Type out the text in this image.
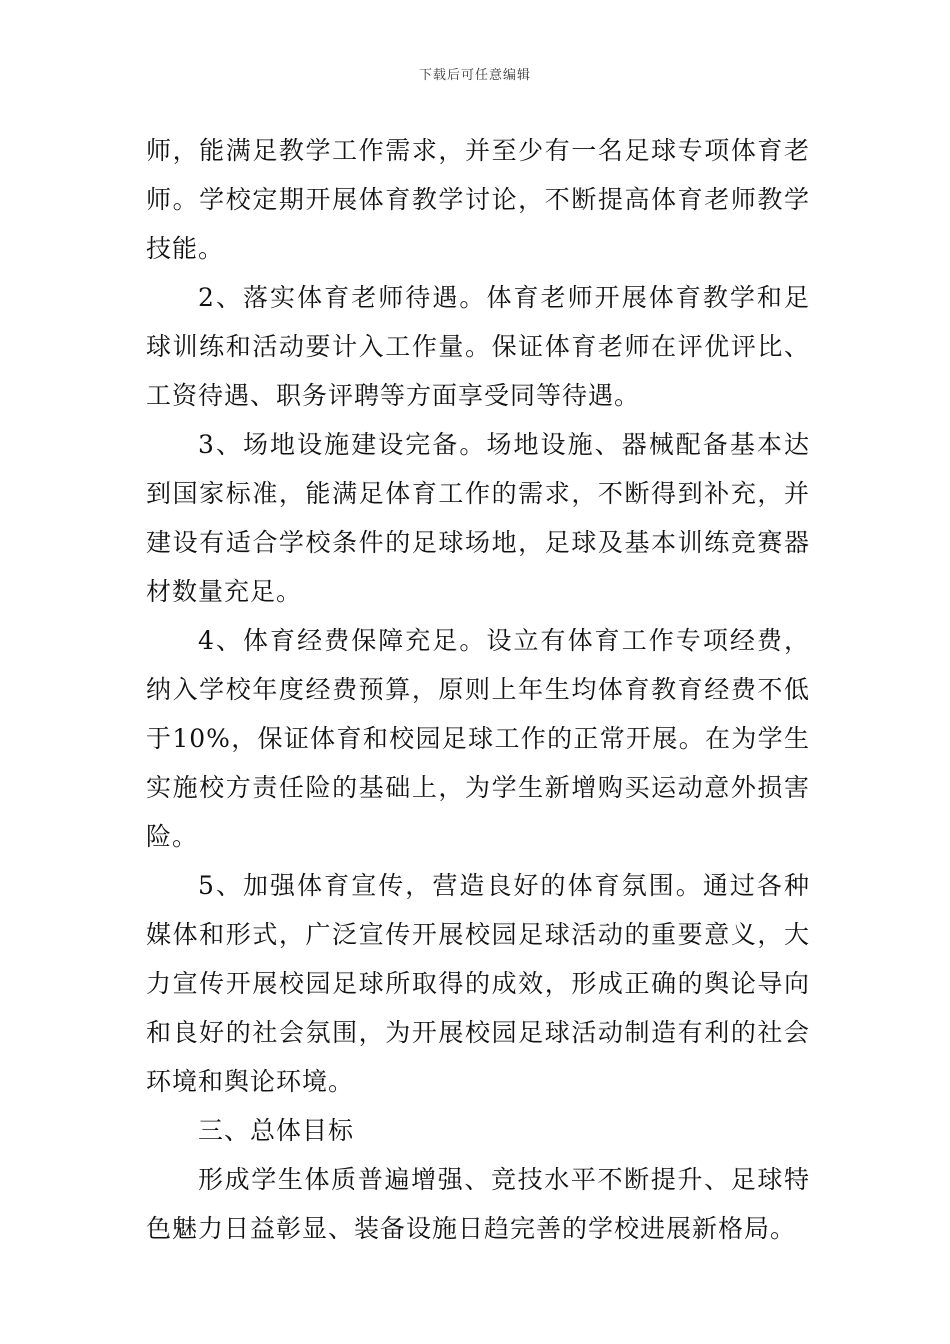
下载后可任意编辑

师，能满足教学工作需求，并至少有一名足球专项体育老师。学校定期开展体育教学讨论，不断提高体育老师教学技能。

2、落实体育老师待遇。体育老师开展体育教学和足球训练和活动要计入工作量。保证体育老师在评优评比、工资待遇、职务评聘等方面享受同等待遇。

3、场地设施建设完备。场地设施、器械配备基本达到国家标准，能满足体育工作的需求，不断得到补充，并建设有适合学校条件的足球场地，足球及基本训练竞赛器材数量充足。

4、体育经费保障充足。设立有体育工作专项经费，纳入学校年度经费预算，原则上年生均体育教育经费不低于10%，保证体育和校园足球工作的正常开展。在为学生实施校方责任险的基础上，为学生新增购买运动意外损害险。

5、加强体育宣传，营造良好的体育氛围。通过各种媒体和形式，广泛宣传开展校园足球活动的重要意义，大力宣传开展校园足球所取得的成效，形成正确的舆论导向和良好的社会氛围，为开展校园足球活动制造有利的社会环境和舆论环境。

三、总体目标

形成学生体质普遍增强、竞技水平不断提升、足球特色魅力日益彰显、装备设施日趋完善的学校进展新格局。
